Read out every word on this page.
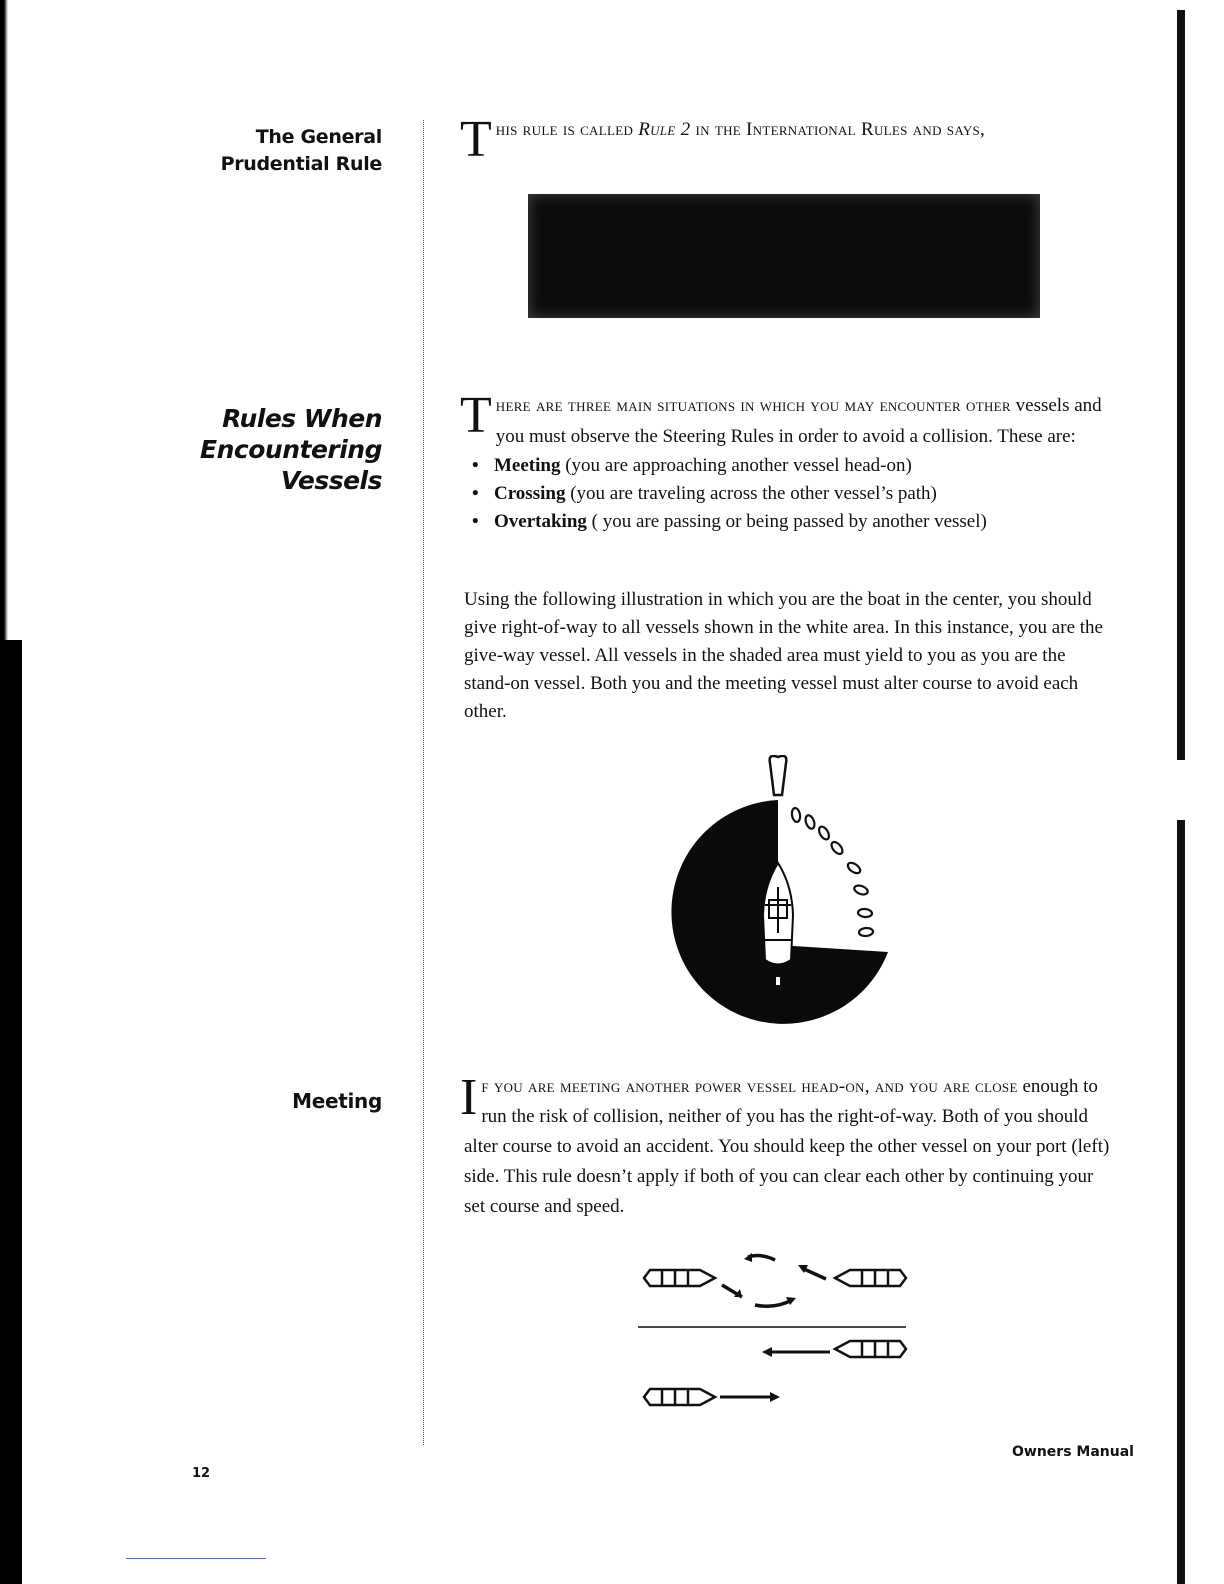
The General
Prudential Rule
Rules When
Encountering
Vessels
Meeting
This rule is called Rule 2 in the International Rules and says,
There are three main situations in which you may encounter other vessels and you must observe the Steering Rules in order to avoid a collision. These are:
• Meeting (you are approaching another vessel head-on)
• Crossing (you are traveling across the other vessel’s path)
• Overtaking ( you are passing or being passed by another vessel)
Using the following illustration in which you are the boat in the center, you should give right-of-way to all vessels shown in the white area. In this instance, you are the give-way vessel. All vessels in the shaded area must yield to you as you are the stand-on vessel. Both you and the meeting vessel must alter course to avoid each other.
If you are meeting another power vessel head-on, and you are close enough to run the risk of collision, neither of you has the right-of-way. Both of you should alter course to avoid an accident. You should keep the other vessel on your port (left) side. This rule doesn’t apply if both of you can clear each other by continuing your set course and speed.
12
Owners Manual
